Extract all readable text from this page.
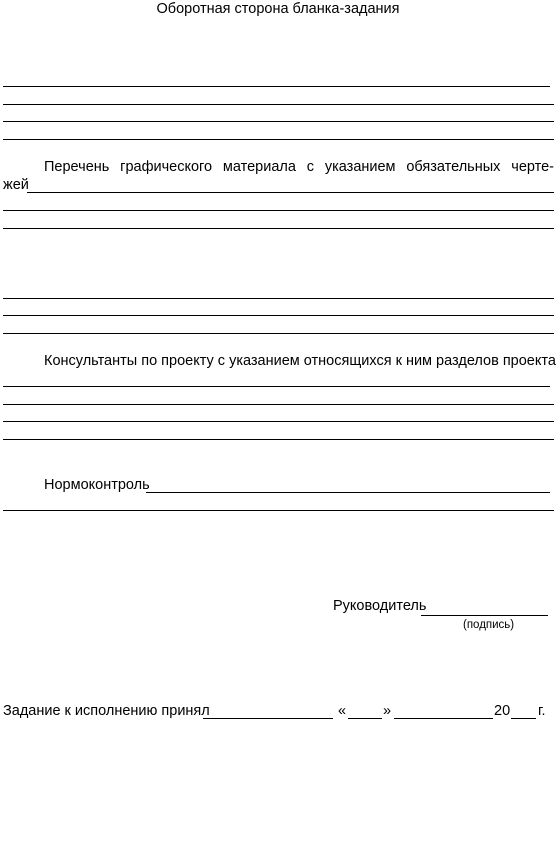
Оборотная сторона бланка-задания
Перечень графического материала с указанием обязательных черте-
жей
Консультанты по проекту с указанием относящихся к ним разделов проекта
Нормоконтроль
Руководитель
(подпись)
Задание к исполнению принял	«	»	20 г.
